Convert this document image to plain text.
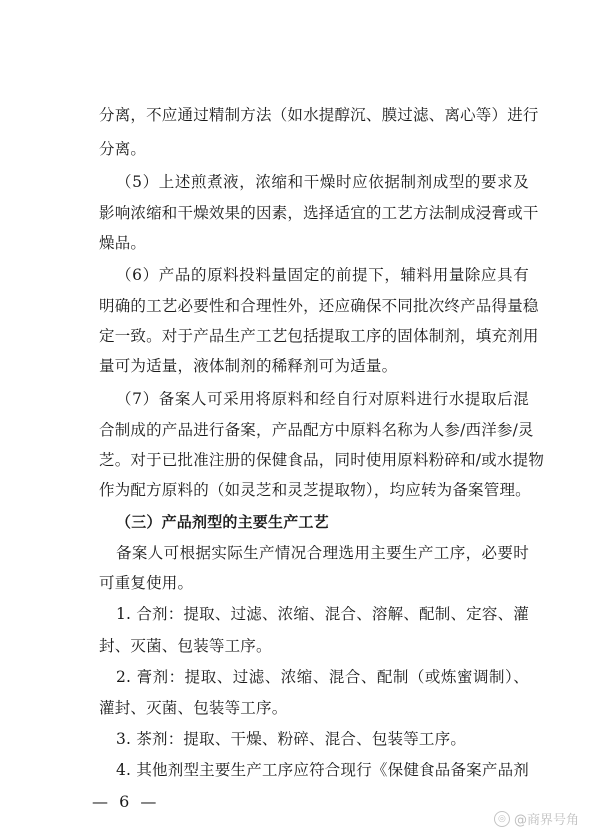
分离，不应通过精制方法（如水提醇沉、膜过滤、离心等）进行
分离。
（5）上述煎煮液，浓缩和干燥时应依据制剂成型的要求及
影响浓缩和干燥效果的因素，选择适宜的工艺方法制成浸膏或干
燥品。
（6）产品的原料投料量固定的前提下，辅料用量除应具有
明确的工艺必要性和合理性外，还应确保不同批次终产品得量稳
定一致。对于产品生产工艺包括提取工序的固体制剂，填充剂用
量可为适量，液体制剂的稀释剂可为适量。
（7）备案人可采用将原料和经自行对原料进行水提取后混
合制成的产品进行备案，产品配方中原料名称为人参/西洋参/灵
芝。对于已批准注册的保健食品，同时使用原料粉碎和/或水提物
作为配方原料的（如灵芝和灵芝提取物），均应转为备案管理。
（三）产品剂型的主要生产工艺
备案人可根据实际生产情况合理选用主要生产工序，必要时
可重复使用。
1. 合剂：提取、过滤、浓缩、混合、溶解、配制、定容、灌
封、灭菌、包装等工序。
2. 膏剂：提取、过滤、浓缩、混合、配制（或炼蜜调制）、
灌封、灭菌、包装等工序。
3. 茶剂：提取、干燥、粉碎、混合、包装等工序。
4. 其他剂型主要生产工序应符合现行《保健食品备案产品剂
— 6 —
◎ @商界号角
